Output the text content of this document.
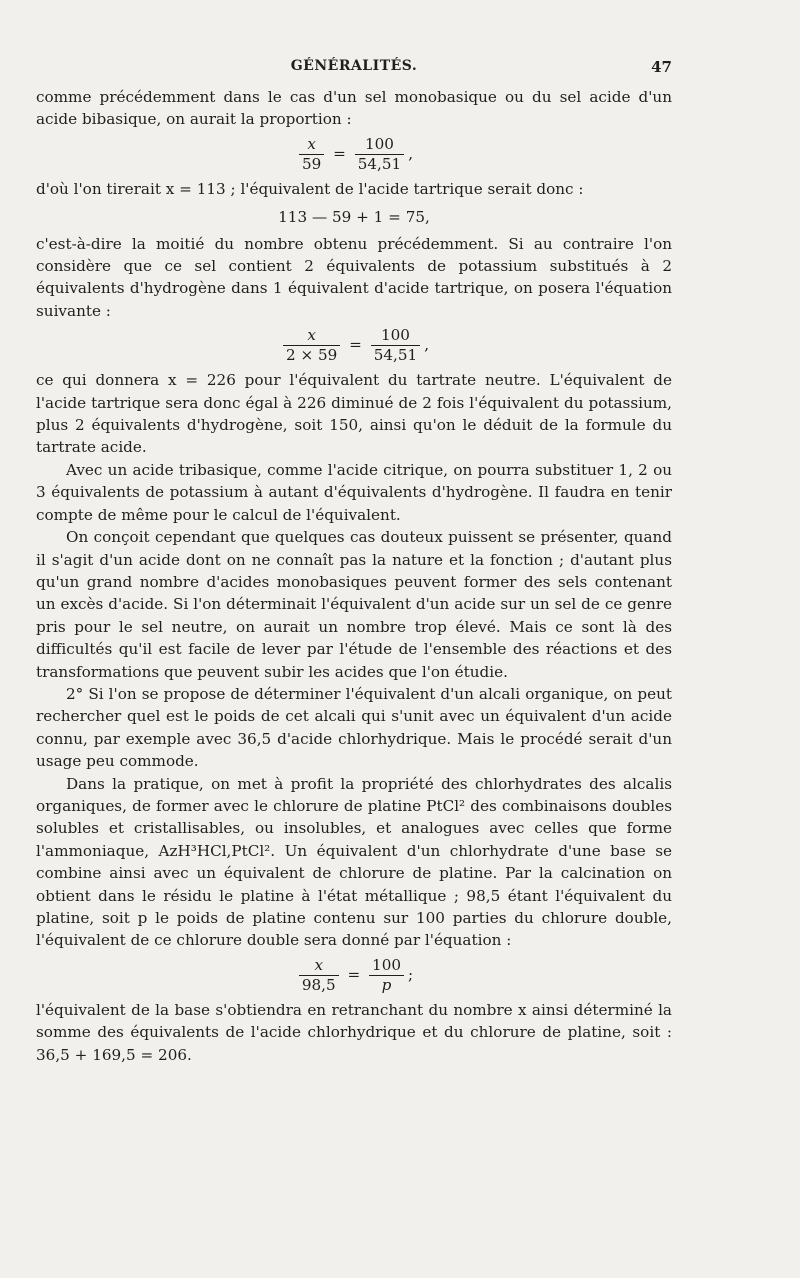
GÉNÉRALITÉS.	47

comme précédemment dans le cas d'un sel monobasique ou du sel acide d'un acide bibasique, on aurait la proportion :

$\frac{x}{59} = \frac{100}{54,51}$ ,

d'où l'on tirerait x = 113 ; l'équivalent de l'acide tartrique serait donc :

113 — 59 + 1 = 75,

c'est-à-dire la moitié du nombre obtenu précédemment. Si au contraire l'on considère que ce sel contient 2 équivalents de potassium substitués à 2 équivalents d'hydrogène dans 1 équivalent d'acide tartrique, on posera l'équation suivante :

$\frac{x}{2 \times 59} = \frac{100}{54,51}$ ,

ce qui donnera x = 226 pour l'équivalent du tartrate neutre. L'équivalent de l'acide tartrique sera donc égal à 226 diminué de 2 fois l'équivalent du potassium, plus 2 équivalents d'hydrogène, soit 150, ainsi qu'on le déduit de la formule du tartrate acide.

Avec un acide tribasique, comme l'acide citrique, on pourra substituer 1, 2 ou 3 équivalents de potassium à autant d'équivalents d'hydrogène. Il faudra en tenir compte de même pour le calcul de l'équivalent.

On conçoit cependant que quelques cas douteux puissent se présenter, quand il s'agit d'un acide dont on ne connaît pas la nature et la fonction ; d'autant plus qu'un grand nombre d'acides monobasiques peuvent former des sels contenant un excès d'acide. Si l'on déterminait l'équivalent d'un acide sur un sel de ce genre pris pour le sel neutre, on aurait un nombre trop élevé. Mais ce sont là des difficultés qu'il est facile de lever par l'étude de l'ensemble des réactions et des transformations que peuvent subir les acides que l'on étudie.

2° Si l'on se propose de déterminer l'équivalent d'un alcali organique, on peut rechercher quel est le poids de cet alcali qui s'unit avec un équivalent d'un acide connu, par exemple avec 36,5 d'acide chlorhydrique. Mais le procédé serait d'un usage peu commode.

Dans la pratique, on met à profit la propriété des chlorhydrates des alcalis organiques, de former avec le chlorure de platine PtCl² des combinaisons doubles solubles et cristallisables, ou insolubles, et analogues avec celles que forme l'ammoniaque, AzH³HCl,PtCl². Un équivalent d'un chlorhydrate d'une base se combine ainsi avec un équivalent de chlorure de platine. Par la calcination on obtient dans le résidu le platine à l'état métallique ; 98,5 étant l'équivalent du platine, soit p le poids de platine contenu sur 100 parties du chlorure double, l'équivalent de ce chlorure double sera donné par l'équation :

$\frac{x}{98,5} = \frac{100}{p}$ ;

l'équivalent de la base s'obtiendra en retranchant du nombre x ainsi déterminé la somme des équivalents de l'acide chlorhydrique et du chlorure de platine, soit : 36,5 + 169,5 = 206.
